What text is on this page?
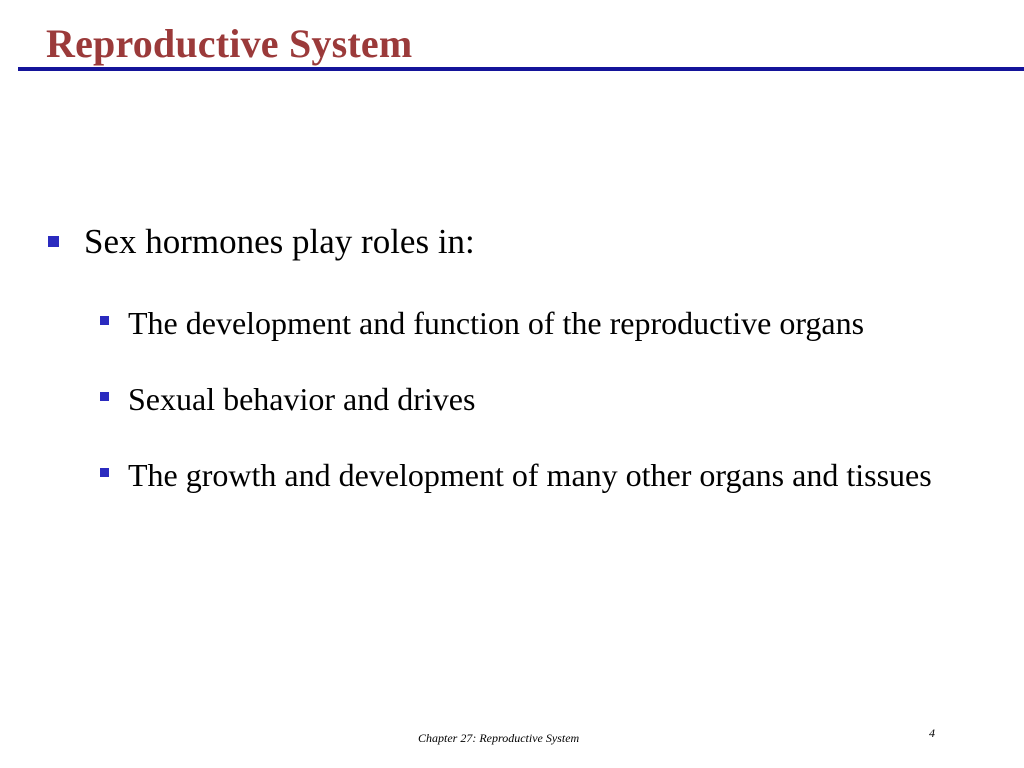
Reproductive System
Sex hormones play roles in:
The development and function of the reproductive organs
Sexual behavior and drives
The growth and development of many other organs and tissues
Chapter 27: Reproductive System	4
